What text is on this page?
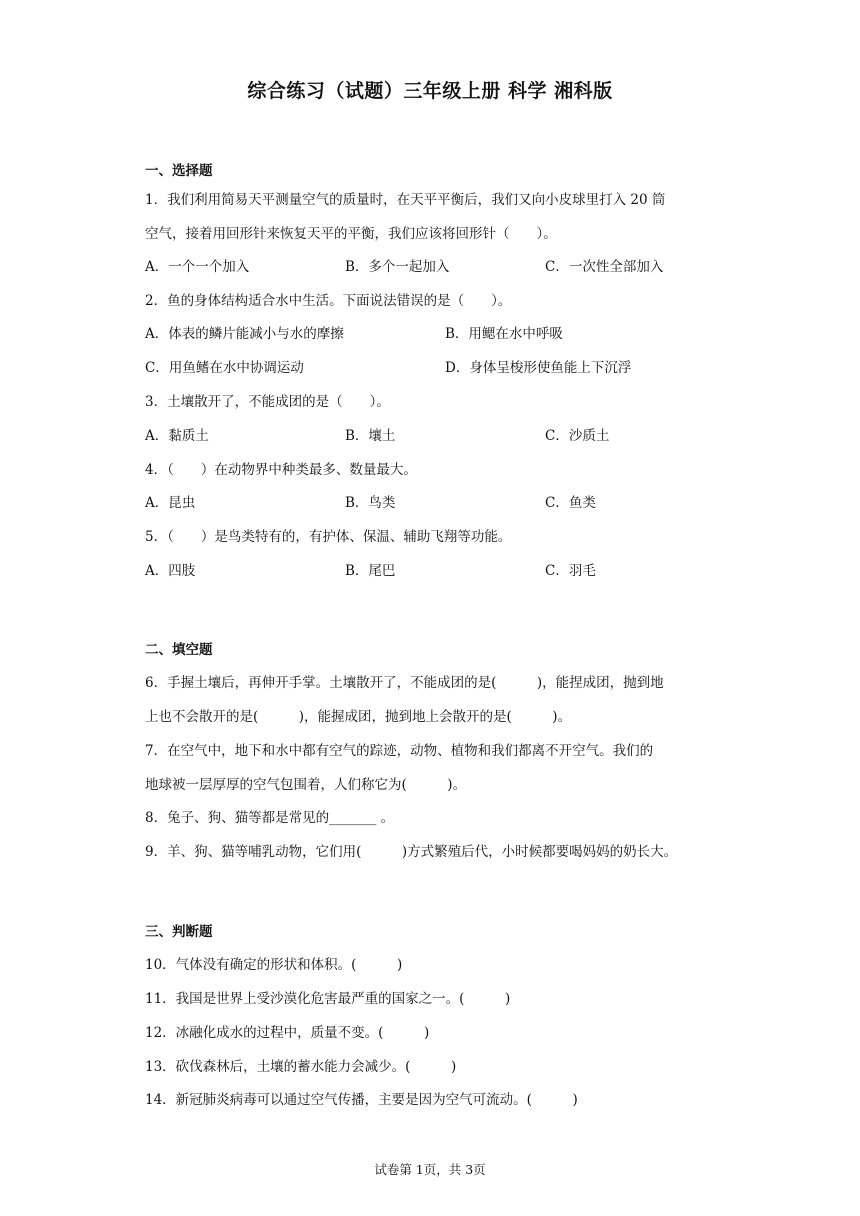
综合练习（试题）三年级上册 科学 湘科版
一、选择题
1．我们利用简易天平测量空气的质量时，在天平平衡后，我们又向小皮球里打入 20 筒
空气，接着用回形针来恢复天平的平衡，我们应该将回形针（　　）。
A．一个一个加入	B．多个一起加入	C．一次性全部加入
2．鱼的身体结构适合水中生活。下面说法错误的是（　　）。
A．体表的鳞片能减小与水的摩擦	B．用鳃在水中呼吸
C．用鱼鳍在水中协调运动	D．身体呈梭形使鱼能上下沉浮
3．土壤散开了，不能成团的是（　　）。
A．黏质土	B．壤土	C．沙质土
4．（　　）在动物界中种类最多、数量最大。
A．昆虫	B．鸟类	C．鱼类
5．（　　）是鸟类特有的，有护体、保温、辅助飞翔等功能。
A．四肢	B．尾巴	C．羽毛
二、填空题
6．手握土壤后，再伸开手掌。土壤散开了，不能成团的是(　　　)，能捏成团，抛到地
上也不会散开的是(　　　)，能握成团，抛到地上会散开的是(　　　)。
7．在空气中，地下和水中都有空气的踪迹，动物、植物和我们都离不开空气。我们的
地球被一层厚厚的空气包围着，人们称它为(　　　)。
8．兔子、狗、猫等都是常见的_______ 。
9．羊、狗、猫等哺乳动物，它们用(　　　)方式繁殖后代，小时候都要喝妈妈的奶长大。
三、判断题
10．气体没有确定的形状和体积。(　　　)
11．我国是世界上受沙漠化危害最严重的国家之一。(　　　)
12．冰融化成水的过程中，质量不变。(　　　)
13．砍伐森林后，土壤的蓄水能力会减少。(　　　)
14．新冠肺炎病毒可以通过空气传播，主要是因为空气可流动。(　　　)
试卷第 1页，共 3页
